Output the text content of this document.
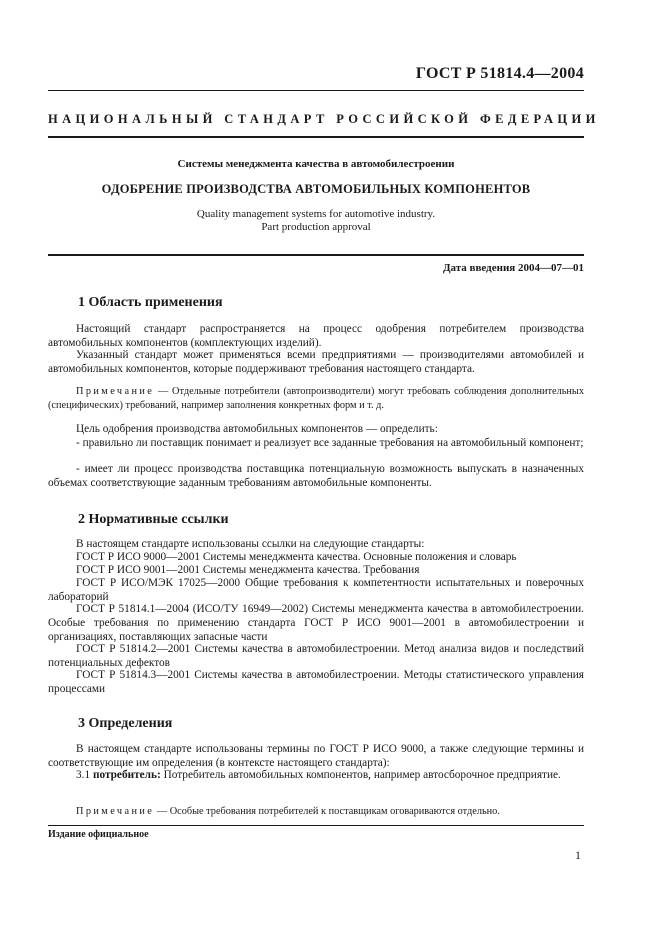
ГОСТ Р 51814.4—2004
НАЦИОНАЛЬНЫЙ СТАНДАРТ РОССИЙСКОЙ ФЕДЕРАЦИИ
Системы менеджмента качества в автомобилестроении
ОДОБРЕНИЕ ПРОИЗВОДСТВА АВТОМОБИЛЬНЫХ КОМПОНЕНТОВ
Quality management systems for automotive industry.
Part production approval
Дата введения 2004—07—01
1 Область применения
Настоящий стандарт распространяется на процесс одобрения потребителем производства автомобильных компонентов (комплектующих изделий).
Указанный стандарт может применяться всеми предприятиями — производителями автомобилей и автомобильных компонентов, которые поддерживают требования настоящего стандарта.
Примечание — Отдельные потребители (автопроизводители) могут требовать соблюдения дополнительных (специфических) требований, например заполнения конкретных форм и т. д.
Цель одобрения производства автомобильных компонентов — определить:
- правильно ли поставщик понимает и реализует все заданные требования на автомобильный компонент;
- имеет ли процесс производства поставщика потенциальную возможность выпускать в назначенных объемах соответствующие заданным требованиям автомобильные компоненты.
2 Нормативные ссылки
В настоящем стандарте использованы ссылки на следующие стандарты:
ГОСТ Р ИСО 9000—2001 Системы менеджмента качества. Основные положения и словарь
ГОСТ Р ИСО 9001—2001 Системы менеджмента качества. Требования
ГОСТ Р ИСО/МЭК 17025—2000 Общие требования к компетентности испытательных и поверочных лабораторий
ГОСТ Р 51814.1—2004 (ИСО/ТУ 16949—2002) Системы менеджмента качества в автомобилестроении. Особые требования по применению стандарта ГОСТ Р ИСО 9001—2001 в автомобилестроении и организациях, поставляющих запасные части
ГОСТ Р 51814.2—2001 Системы качества в автомобилестроении. Метод анализа видов и последствий потенциальных дефектов
ГОСТ Р 51814.3—2001 Системы качества в автомобилестроении. Методы статистического управления процессами
3 Определения
В настоящем стандарте использованы термины по ГОСТ Р ИСО 9000, а также следующие термины и соответствующие им определения (в контексте настоящего стандарта):
3.1 потребитель: Потребитель автомобильных компонентов, например автосборочное предприятие.
Примечание — Особые требования потребителей к поставщикам оговариваются отдельно.
Издание официальное
1
